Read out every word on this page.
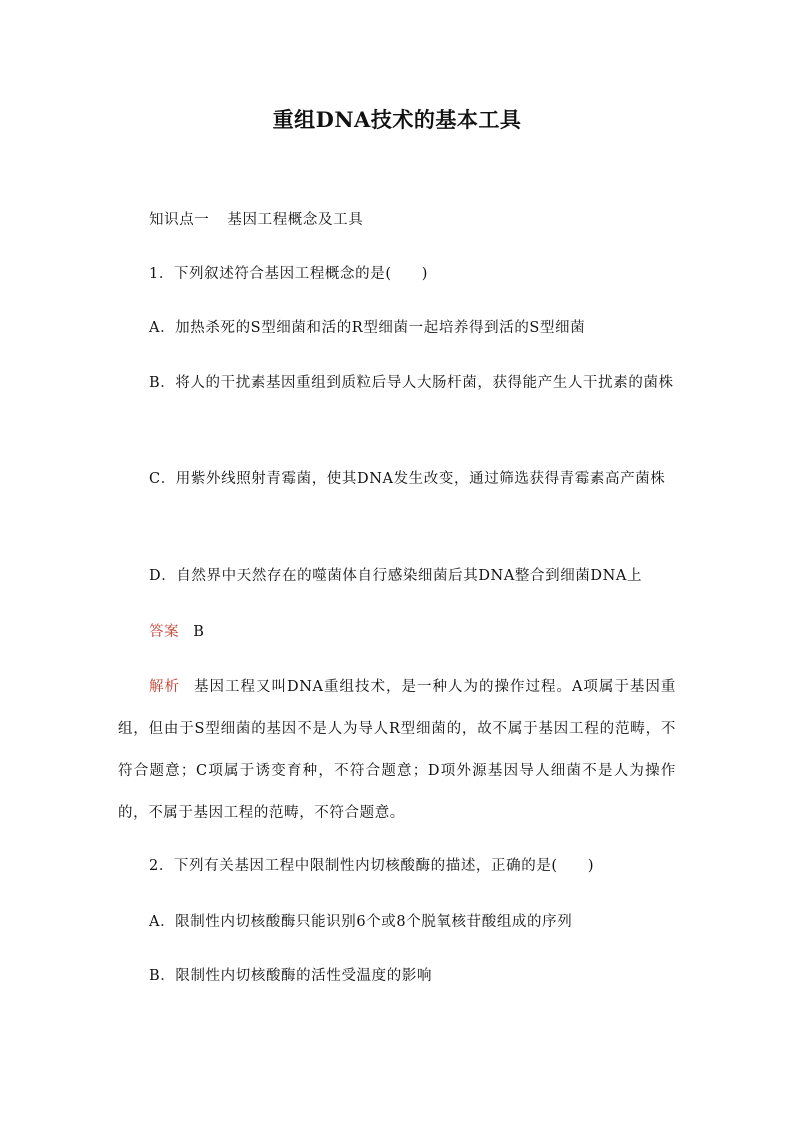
重组DNA技术的基本工具
知识点一 基因工程概念及工具
1．下列叙述符合基因工程概念的是(　　)
A．加热杀死的S型细菌和活的R型细菌一起培养得到活的S型细菌
B．将人的干扰素基因重组到质粒后导人大肠杆菌，获得能产生人干扰素的菌株
C．用紫外线照射青霉菌，使其DNA发生改变，通过筛选获得青霉素高产菌株
D．自然界中天然存在的噬菌体自行感染细菌后其DNA整合到细菌DNA上
答案 B
解析 基因工程又叫DNA重组技术，是一种人为的操作过程。A项属于基因重组，但由于S型细菌的基因不是人为导人R型细菌的，故不属于基因工程的范畴，不符合题意；C项属于诱变育种，不符合题意；D项外源基因导人细菌不是人为操作的，不属于基因工程的范畴，不符合题意。
2．下列有关基因工程中限制性内切核酸酶的描述，正确的是(　　)
A．限制性内切核酸酶只能识别6个或8个脱氧核苷酸组成的序列
B．限制性内切核酸酶的活性受温度的影响
